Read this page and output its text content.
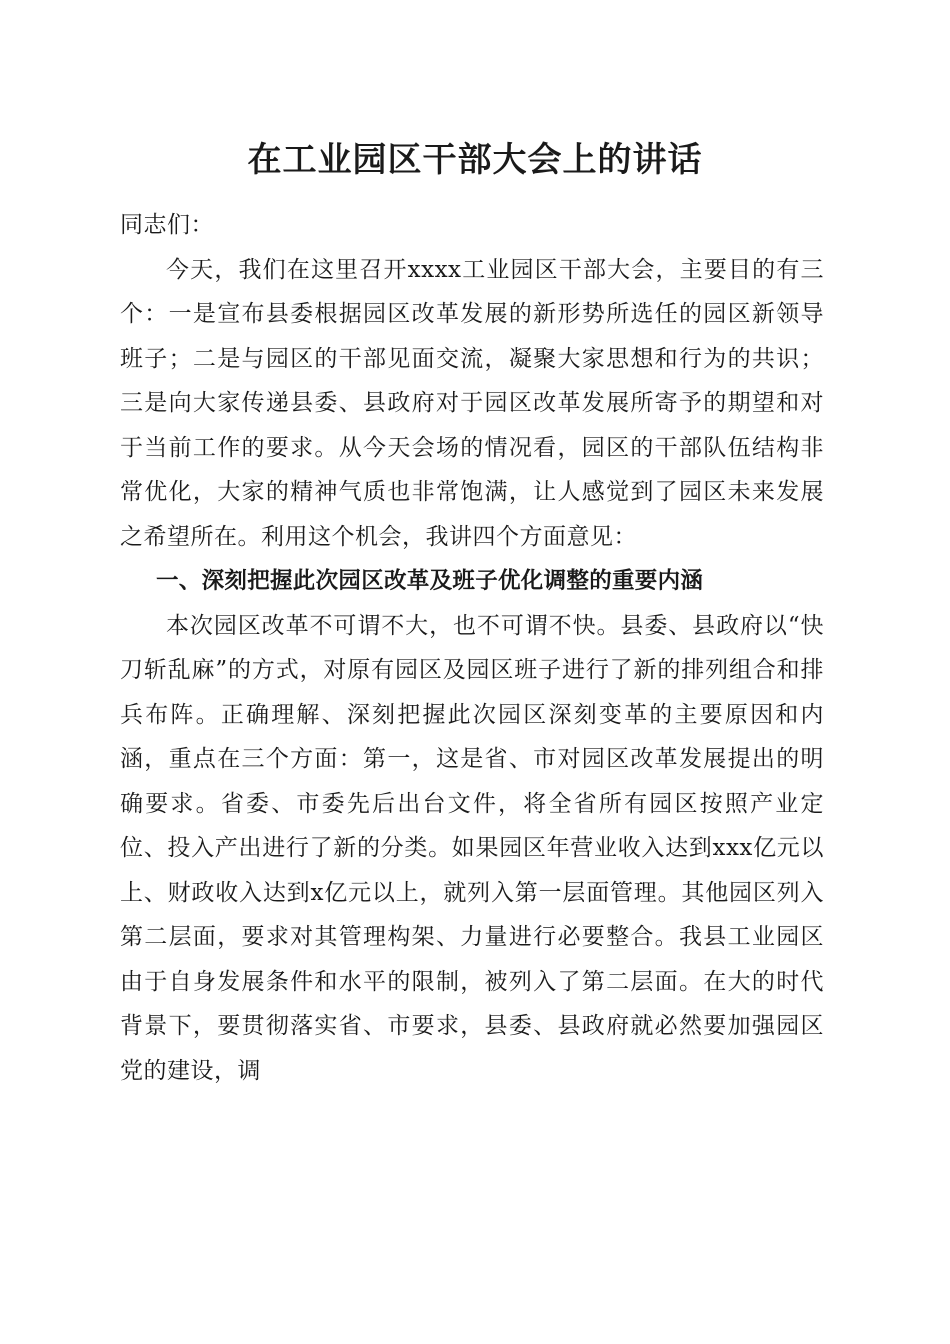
在工业园区干部大会上的讲话

同志们：

今天，我们在这里召开xxxx工业园区干部大会，主要目的有三个：一是宣布县委根据园区改革发展的新形势所选任的园区新领导班子；二是与园区的干部见面交流，凝聚大家思想和行为的共识；三是向大家传递县委、县政府对于园区改革发展所寄予的期望和对于当前工作的要求。从今天会场的情况看，园区的干部队伍结构非常优化，大家的精神气质也非常饱满，让人感觉到了园区未来发展之希望所在。利用这个机会，我讲四个方面意见：

一、深刻把握此次园区改革及班子优化调整的重要内涵

本次园区改革不可谓不大，也不可谓不快。县委、县政府以“快刀斩乱麻”的方式，对原有园区及园区班子进行了新的排列组合和排兵布阵。正确理解、深刻把握此次园区深刻变革的主要原因和内涵，重点在三个方面：第一，这是省、市对园区改革发展提出的明确要求。省委、市委先后出台文件，将全省所有园区按照产业定位、投入产出进行了新的分类。如果园区年营业收入达到xxx亿元以上、财政收入达到x亿元以上，就列入第一层面管理。其他园区列入第二层面，要求对其管理构架、力量进行必要整合。我县工业园区由于自身发展条件和水平的限制，被列入了第二层面。在大的时代背景下，要贯彻落实省、市要求，县委、县政府就必然要加强园区党的建设，调
